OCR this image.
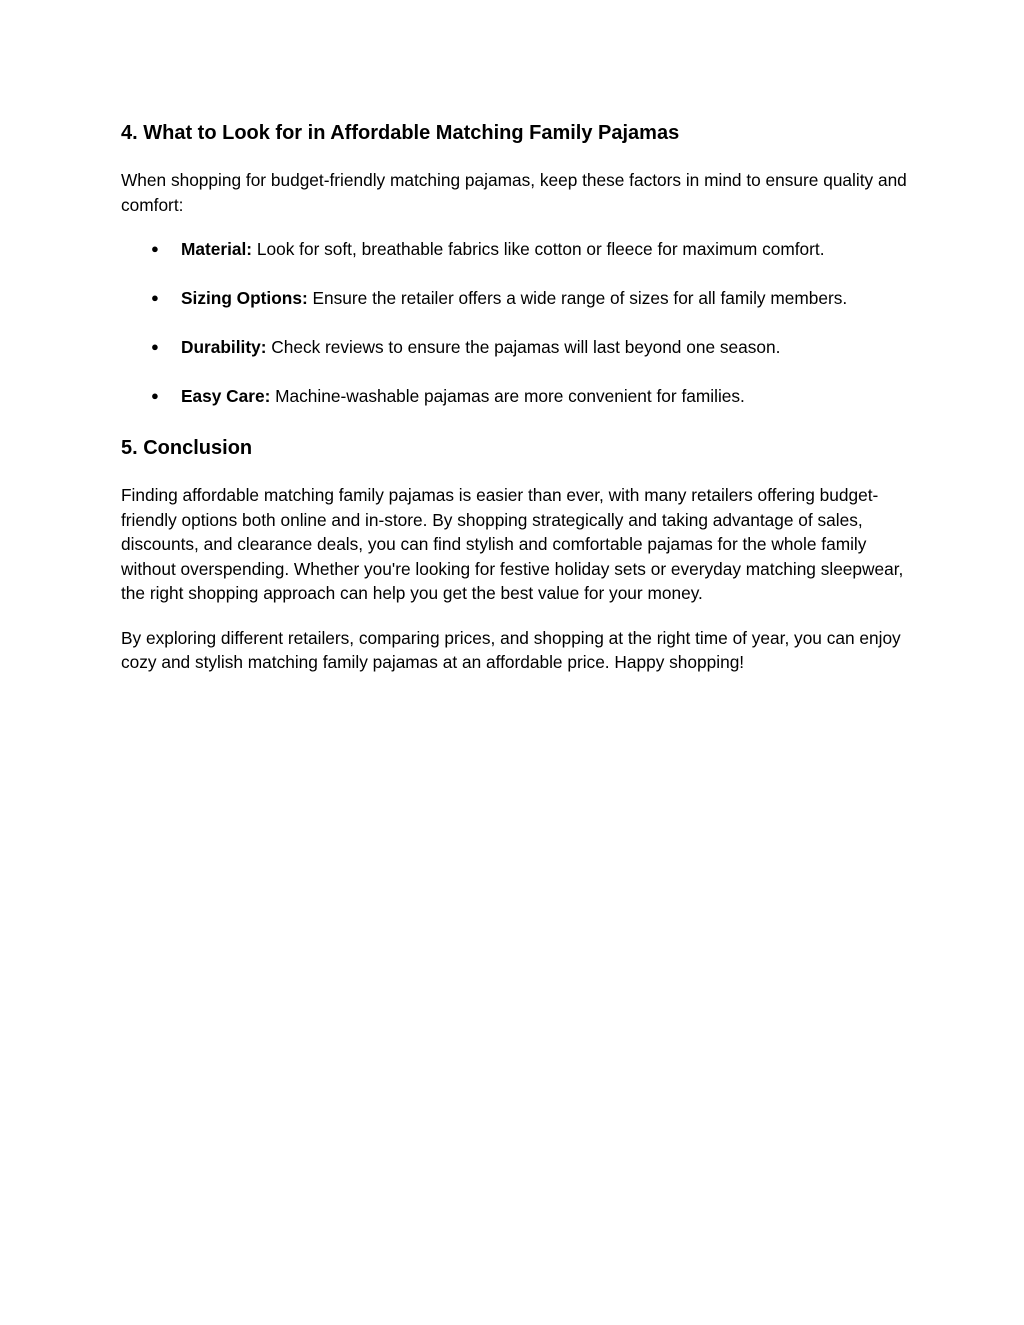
4. What to Look for in Affordable Matching Family Pajamas

When shopping for budget-friendly matching pajamas, keep these factors in mind to ensure quality and comfort:

● Material: Look for soft, breathable fabrics like cotton or fleece for maximum comfort.
● Sizing Options: Ensure the retailer offers a wide range of sizes for all family members.
● Durability: Check reviews to ensure the pajamas will last beyond one season.
● Easy Care: Machine-washable pajamas are more convenient for families.
5. Conclusion

Finding affordable matching family pajamas is easier than ever, with many retailers offering budget-friendly options both online and in-store. By shopping strategically and taking advantage of sales, discounts, and clearance deals, you can find stylish and comfortable pajamas for the whole family without overspending. Whether you're looking for festive holiday sets or everyday matching sleepwear, the right shopping approach can help you get the best value for your money.

By exploring different retailers, comparing prices, and shopping at the right time of year, you can enjoy cozy and stylish matching family pajamas at an affordable price. Happy shopping!
